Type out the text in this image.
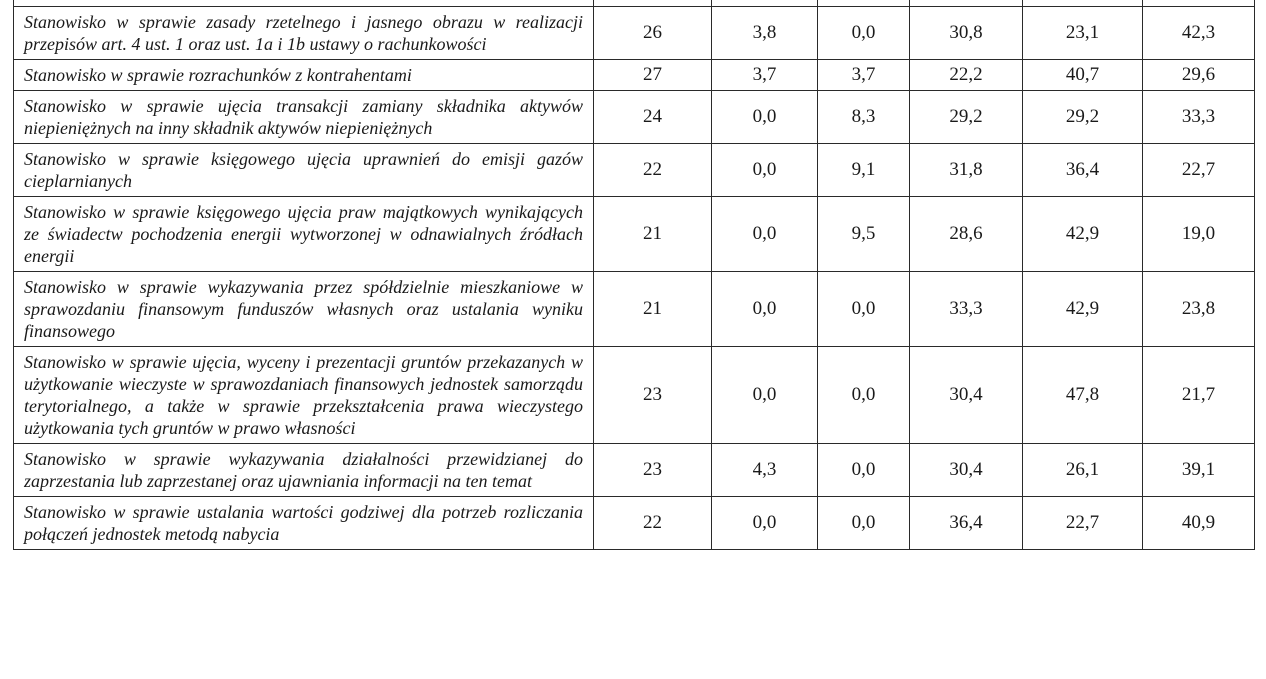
Stanowisko w sprawie zasady rzetelnego i jasnego obrazu w realizacji przepisów art. 4 ust. 1 oraz ust. 1a i 1b ustawy o rachunkowości	26	3,8	0,0	30,8	23,1	42,3
Stanowisko w sprawie rozrachunków z kontrahentami	27	3,7	3,7	22,2	40,7	29,6
Stanowisko w sprawie ujęcia transakcji zamiany składnika aktywów niepieniężnych na inny składnik aktywów niepieniężnych	24	0,0	8,3	29,2	29,2	33,3
Stanowisko w sprawie księgowego ujęcia uprawnień do emisji gazów cieplarnianych	22	0,0	9,1	31,8	36,4	22,7
Stanowisko w sprawie księgowego ujęcia praw majątkowych wynikających ze świadectw pochodzenia energii wytworzonej w odnawialnych źródłach energii	21	0,0	9,5	28,6	42,9	19,0
Stanowisko w sprawie wykazywania przez spółdzielnie mieszkaniowe w sprawozdaniu finansowym funduszów własnych oraz ustalania wyniku finansowego	21	0,0	0,0	33,3	42,9	23,8
Stanowisko w sprawie ujęcia, wyceny i prezentacji gruntów przekazanych w użytkowanie wieczyste w sprawozdaniach finansowych jednostek samorządu terytorialnego, a także w sprawie przekształcenia prawa wieczystego użytkowania tych gruntów w prawo własności	23	0,0	0,0	30,4	47,8	21,7
Stanowisko w sprawie wykazywania działalności przewidzianej do zaprzestania lub zaprzestanej oraz ujawniania informacji na ten temat	23	4,3	0,0	30,4	26,1	39,1
Stanowisko w sprawie ustalania wartości godziwej dla potrzeb rozliczania połączeń jednostek metodą nabycia	22	0,0	0,0	36,4	22,7	40,9
